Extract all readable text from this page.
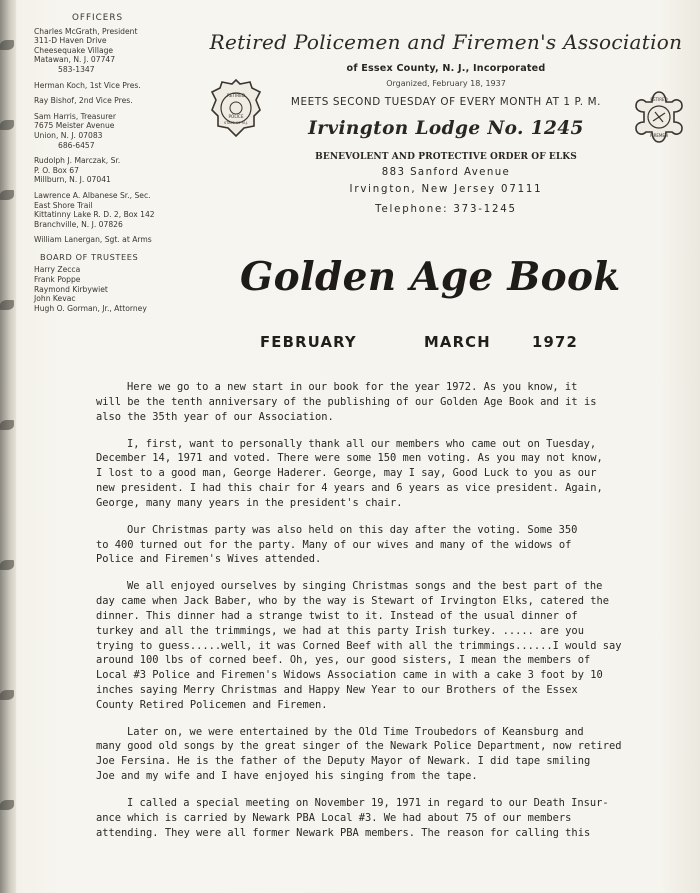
OFFICERS
Charles McGrath, President
311-D Haven Drive
Cheesequake Village
Matawan, N. J. 07747
583-1347
Herman Koch, 1st Vice Pres.
Ray Bishof, 2nd Vice Pres.
Sam Harris, Treasurer
7675 Meister Avenue
Union, N. J. 07083
686-6457
Rudolph J. Marczak, Sr.
P. O. Box 67
Millburn, N. J. 07041
Lawrence A. Albanese Sr., Sec.
East Shore Trail
Kittatinny Lake R. D. 2, Box 142
Branchville, N. J. 07826
William Lanergan, Sgt. at Arms
BOARD OF TRUSTEES
Harry Zecca
Frank Poppe
Raymond Kirbywiet
John Kevac
Hugh O. Gorman, Jr., Attorney
Retired Policemen and Firemen's Association
of Essex County, N. J., Incorporated
Organized, February 18, 1937
MEETS SECOND TUESDAY OF EVERY MONTH AT 1 P. M.
Irvington Lodge No. 1245
BENEVOLENT AND PROTECTIVE ORDER OF ELKS
883 Sanford Avenue
Irvington, New Jersey 07111
Telephone: 373-1245
RETIRED
POLICE
STATE OF N.J.
RETIRED
FIREMEN
Golden Age Book
FEBRUARY	MARCH	1972

Here we go to a new start in our book for the year 1972. As you know, it
will be the tenth anniversary of the publishing of our Golden Age Book and it is
also the 35th year of our Association.

I, first, want to personally thank all our members who came out on Tuesday,
December 14, 1971 and voted. There were some 150 men voting. As you may not know,
I lost to a good man, George Haderer. George, may I say, Good Luck to you as our
new president. I had this chair for 4 years and 6 years as vice president. Again,
George, many many years in the president's chair.

Our Christmas party was also held on this day after the voting. Some 350
to 400 turned out for the party. Many of our wives and many of the widows of
Police and Firemen's Wives attended.

We all enjoyed ourselves by singing Christmas songs and the best part of the
day came when Jack Baber, who by the way is Stewart of Irvington Elks, catered the
dinner. This dinner had a strange twist to it. Instead of the usual dinner of
turkey and all the trimmings, we had at this party Irish turkey. ..... are you
trying to guess.....well, it was Corned Beef with all the trimmings......I would say
around 100 lbs of corned beef. Oh, yes, our good sisters, I mean the members of
Local #3 Police and Firemen's Widows Association came in with a cake 3 foot by 10
inches saying Merry Christmas and Happy New Year to our Brothers of the Essex
County Retired Policemen and Firemen.

Later on, we were entertained by the Old Time Troubedors of Keansburg and
many good old songs by the great singer of the Newark Police Department, now retired
Joe Fersina. He is the father of the Deputy Mayor of Newark. I did tape smiling
Joe and my wife and I have enjoyed his singing from the tape.

I called a special meeting on November 19, 1971 in regard to our Death Insur-
ance which is carried by Newark PBA Local #3. We had about 75 of our members
attending. They were all former Newark PBA members. The reason for calling this
